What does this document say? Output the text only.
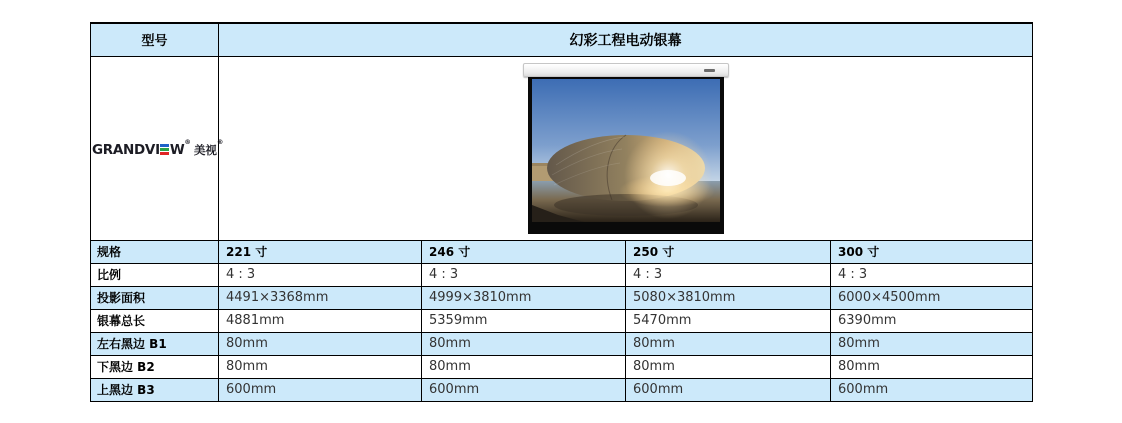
型号	幻彩工程电动银幕			
GRANDVI W®美视®	

规格	221 寸	246 寸	250 寸	300 寸
比例	4 : 3	4 : 3	4 : 3	4 : 3
投影面积	4491×3368mm	4999×3810mm	5080×3810mm	6000×4500mm
银幕总长	4881mm	5359mm	5470mm	6390mm
左右黑边 B1	80mm	80mm	80mm	80mm
下黑边 B2	80mm	80mm	80mm	80mm
上黑边 B3	600mm	600mm	600mm	600mm
